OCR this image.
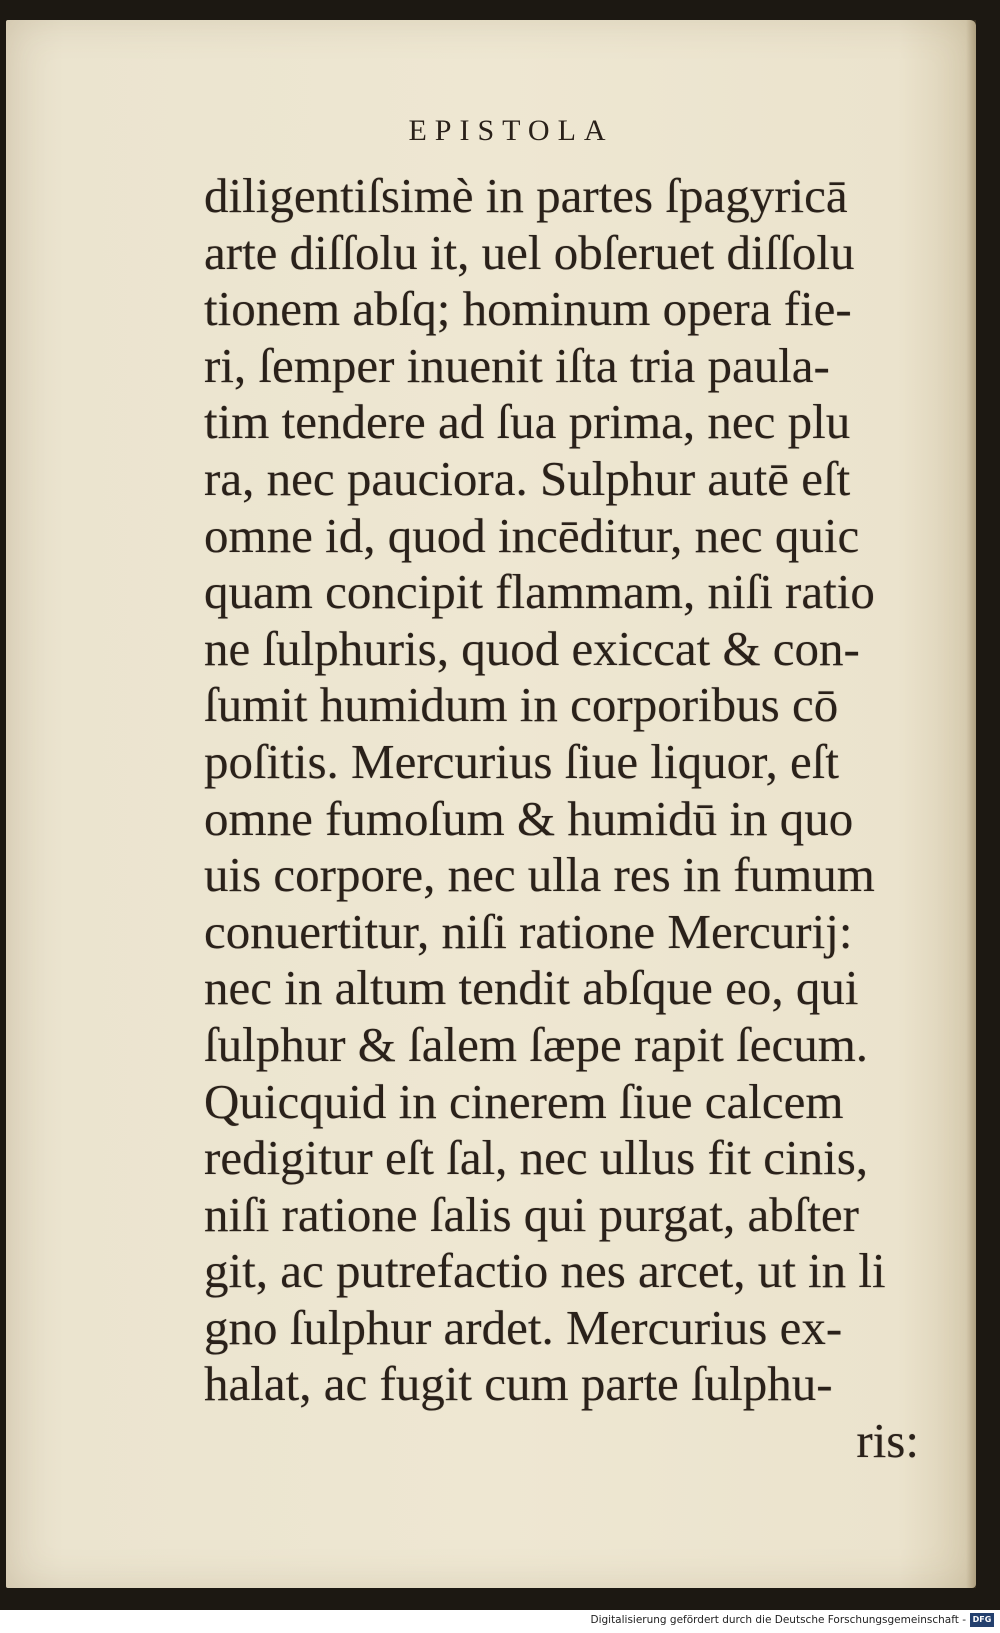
EPISTOLA
diligentiſsimè in partes ſpagyricā
arte diſſolu it, uel obſeruet diſſolu
tionem abſq; hominum opera fie-
ri, ſemper inuenit iſta tria paula-
tim tendere ad ſua prima, nec plu
ra, nec pauciora. Sulphur autē eſt
omne id, quod incēditur, nec quic
quam concipit flammam, niſi ratio
ne ſulphuris, quod exiccat & con-
ſumit humidum in corporibus cō
poſitis. Mercurius ſiue liquor, eſt
omne fumoſum & humidū in quo
uis corpore, nec ulla res in fumum
conuertitur, niſi ratione Mercurij:
nec in altum tendit abſque eo, qui
ſulphur & ſalem ſæpe rapit ſecum.
Quicquid in cinerem ſiue calcem
redigitur eſt ſal, nec ullus fit cinis,
niſi ratione ſalis qui purgat, abſter
git, ac putrefactio nes arcet, ut in li
gno ſulphur ardet. Mercurius ex-
halat, ac fugit cum parte ſulphu-
ris:
Digitalisierung gefördert durch die Deutsche Forschungsgemeinschaft - DFG
